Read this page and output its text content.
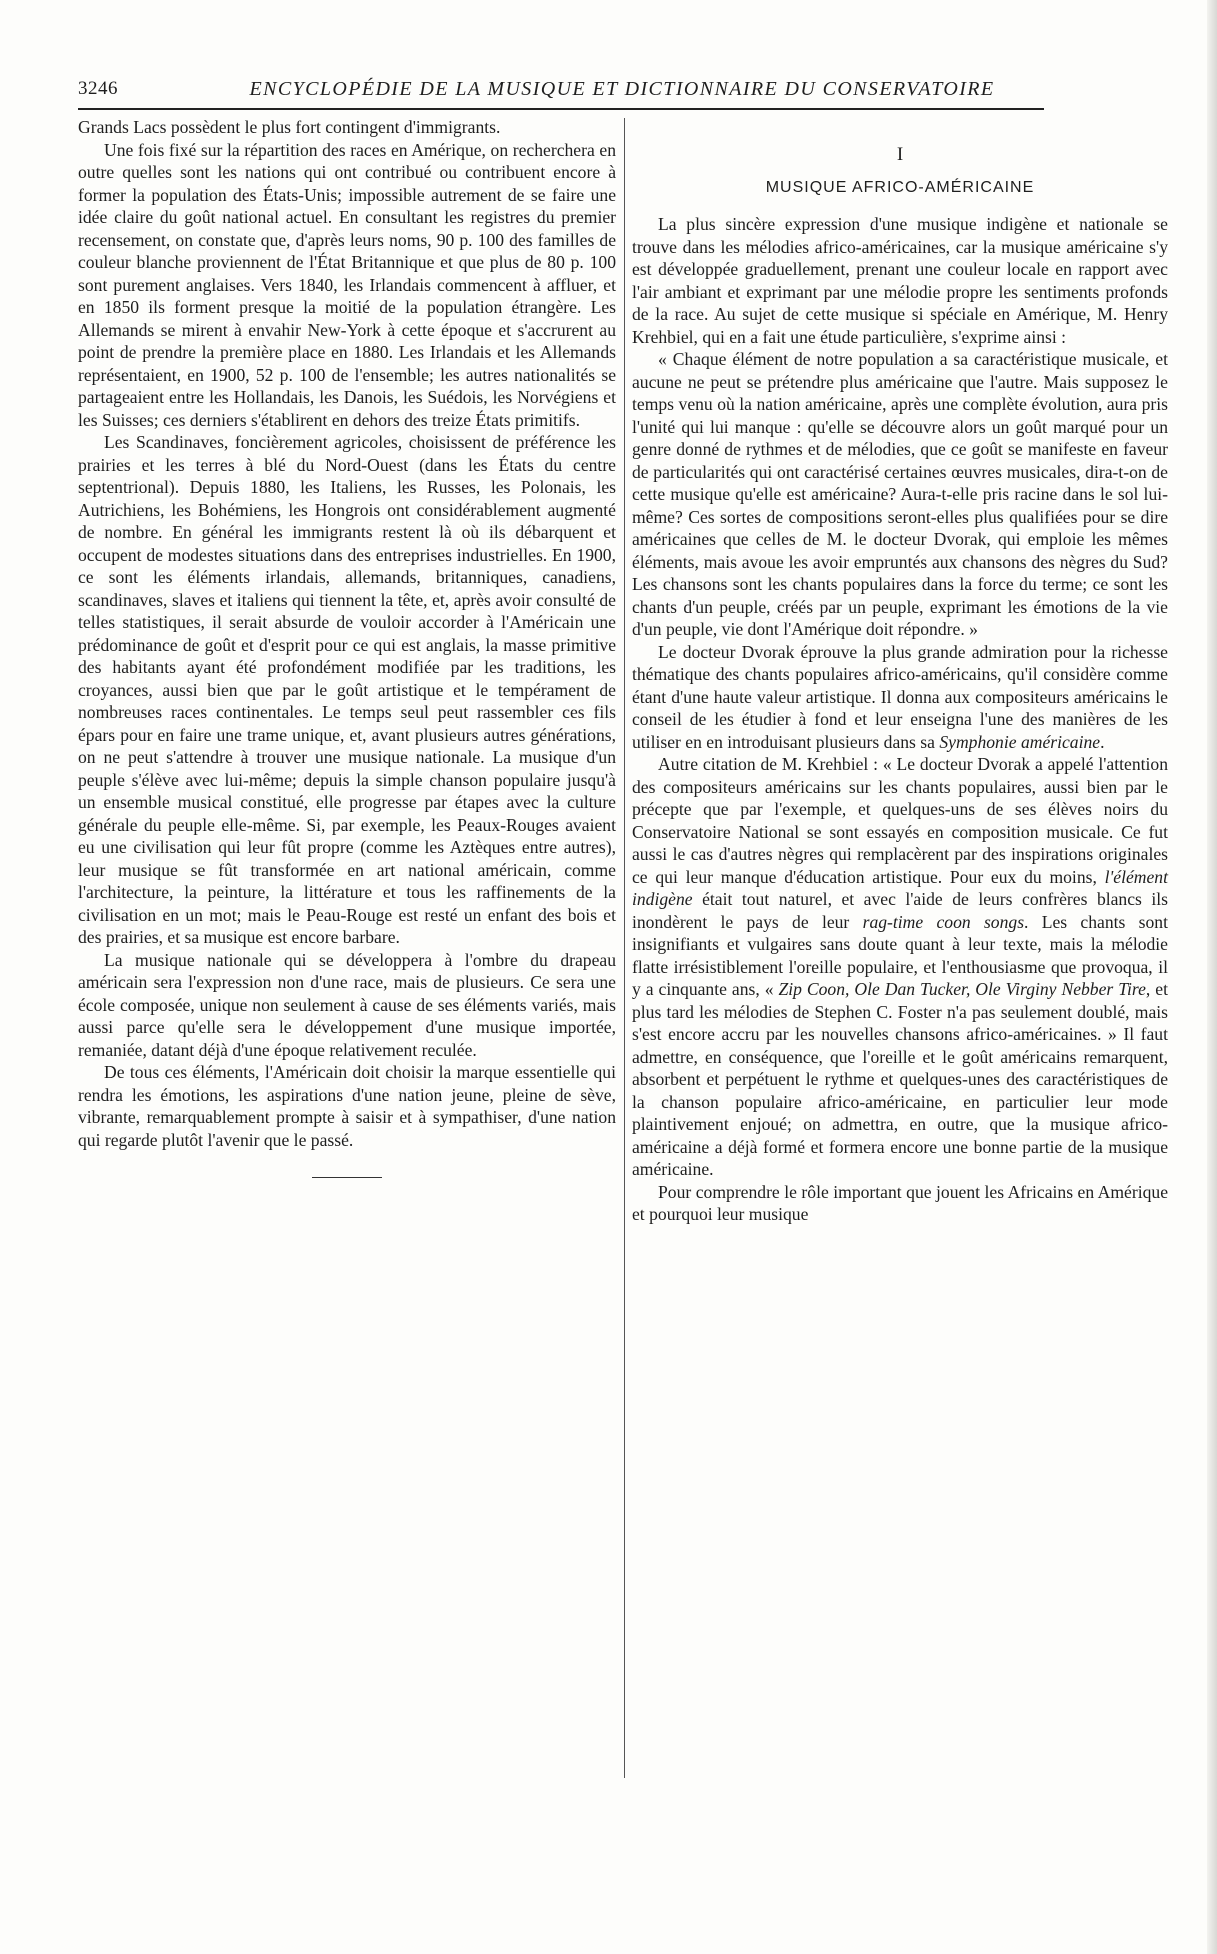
3246	ENCYCLOPÉDIE DE LA MUSIQUE ET DICTIONNAIRE DU CONSERVATOIRE

Grands Lacs possèdent le plus fort contingent d'immigrants.

Une fois fixé sur la répartition des races en Amérique, on recherchera en outre quelles sont les nations qui ont contribué ou contribuent encore à former la population des États-Unis; impossible autrement de se faire une idée claire du goût national actuel. En consultant les registres du premier recensement, on constate que, d'après leurs noms, 90 p. 100 des familles de couleur blanche proviennent de l'État Britannique et que plus de 80 p. 100 sont purement anglaises. Vers 1840, les Irlandais commencent à affluer, et en 1850 ils forment presque la moitié de la population étrangère. Les Allemands se mirent à envahir New-York à cette époque et s'accrurent au point de prendre la première place en 1880. Les Irlandais et les Allemands représentaient, en 1900, 52 p. 100 de l'ensemble; les autres nationalités se partageaient entre les Hollandais, les Danois, les Suédois, les Norvégiens et les Suisses; ces derniers s'établirent en dehors des treize États primitifs.

Les Scandinaves, foncièrement agricoles, choisissent de préférence les prairies et les terres à blé du Nord-Ouest (dans les États du centre septentrional). Depuis 1880, les Italiens, les Russes, les Polonais, les Autrichiens, les Bohémiens, les Hongrois ont considérablement augmenté de nombre. En général les immigrants restent là où ils débarquent et occupent de modestes situations dans des entreprises industrielles. En 1900, ce sont les éléments irlandais, allemands, britanniques, canadiens, scandinaves, slaves et italiens qui tiennent la tête, et, après avoir consulté de telles statistiques, il serait absurde de vouloir accorder à l'Américain une prédominance de goût et d'esprit pour ce qui est anglais, la masse primitive des habitants ayant été profondément modifiée par les traditions, les croyances, aussi bien que par le goût artistique et le tempérament de nombreuses races continentales. Le temps seul peut rassembler ces fils épars pour en faire une trame unique, et, avant plusieurs autres générations, on ne peut s'attendre à trouver une musique nationale. La musique d'un peuple s'élève avec lui-même; depuis la simple chanson populaire jusqu'à un ensemble musical constitué, elle progresse par étapes avec la culture générale du peuple elle-même. Si, par exemple, les Peaux-Rouges avaient eu une civilisation qui leur fût propre (comme les Aztèques entre autres), leur musique se fût transformée en art national américain, comme l'architecture, la peinture, la littérature et tous les raffinements de la civilisation en un mot; mais le Peau-Rouge est resté un enfant des bois et des prairies, et sa musique est encore barbare.

La musique nationale qui se développera à l'ombre du drapeau américain sera l'expression non d'une race, mais de plusieurs. Ce sera une école composée, unique non seulement à cause de ses éléments variés, mais aussi parce qu'elle sera le développement d'une musique importée, remaniée, datant déjà d'une époque relativement reculée.

De tous ces éléments, l'Américain doit choisir la marque essentielle qui rendra les émotions, les aspirations d'une nation jeune, pleine de sève, vibrante, remarquablement prompte à saisir et à sympathiser, d'une nation qui regarde plutôt l'avenir que le passé.

I
MUSIQUE AFRICO-AMÉRICAINE

La plus sincère expression d'une musique indigène et nationale se trouve dans les mélodies africo-américaines, car la musique américaine s'y est développée graduellement, prenant une couleur locale en rapport avec l'air ambiant et exprimant par une mélodie propre les sentiments profonds de la race. Au sujet de cette musique si spéciale en Amérique, M. Henry Krehbiel, qui en a fait une étude particulière, s'exprime ainsi :

« Chaque élément de notre population a sa caractéristique musicale, et aucune ne peut se prétendre plus américaine que l'autre. Mais supposez le temps venu où la nation américaine, après une complète évolution, aura pris l'unité qui lui manque : qu'elle se découvre alors un goût marqué pour un genre donné de rythmes et de mélodies, que ce goût se manifeste en faveur de particularités qui ont caractérisé certaines œuvres musicales, dira-t-on de cette musique qu'elle est américaine? Aura-t-elle pris racine dans le sol lui-même? Ces sortes de compositions seront-elles plus qualifiées pour se dire américaines que celles de M. le docteur Dvorak, qui emploie les mêmes éléments, mais avoue les avoir empruntés aux chansons des nègres du Sud? Les chansons sont les chants populaires dans la force du terme; ce sont les chants d'un peuple, créés par un peuple, exprimant les émotions de la vie d'un peuple, vie dont l'Amérique doit répondre. »

Le docteur Dvorak éprouve la plus grande admiration pour la richesse thématique des chants populaires africo-américains, qu'il considère comme étant d'une haute valeur artistique. Il donna aux compositeurs américains le conseil de les étudier à fond et leur enseigna l'une des manières de les utiliser en en introduisant plusieurs dans sa Symphonie américaine.

Autre citation de M. Krehbiel : « Le docteur Dvorak a appelé l'attention des compositeurs américains sur les chants populaires, aussi bien par le précepte que par l'exemple, et quelques-uns de ses élèves noirs du Conservatoire National se sont essayés en composition musicale. Ce fut aussi le cas d'autres nègres qui remplacèrent par des inspirations originales ce qui leur manque d'éducation artistique. Pour eux du moins, l'élément indigène était tout naturel, et avec l'aide de leurs confrères blancs ils inondèrent le pays de leur rag-time coon songs. Les chants sont insignifiants et vulgaires sans doute quant à leur texte, mais la mélodie flatte irrésistiblement l'oreille populaire, et l'enthousiasme que provoqua, il y a cinquante ans, « Zip Coon, Ole Dan Tucker, Ole Virginy Nebber Tire, et plus tard les mélodies de Stephen C. Foster n'a pas seulement doublé, mais s'est encore accru par les nouvelles chansons africo-américaines. » Il faut admettre, en conséquence, que l'oreille et le goût américains remarquent, absorbent et perpétuent le rythme et quelques-unes des caractéristiques de la chanson populaire africo-américaine, en particulier leur mode plaintivement enjoué; on admettra, en outre, que la musique africo-américaine a déjà formé et formera encore une bonne partie de la musique américaine.

Pour comprendre le rôle important que jouent les Africains en Amérique et pourquoi leur musique
